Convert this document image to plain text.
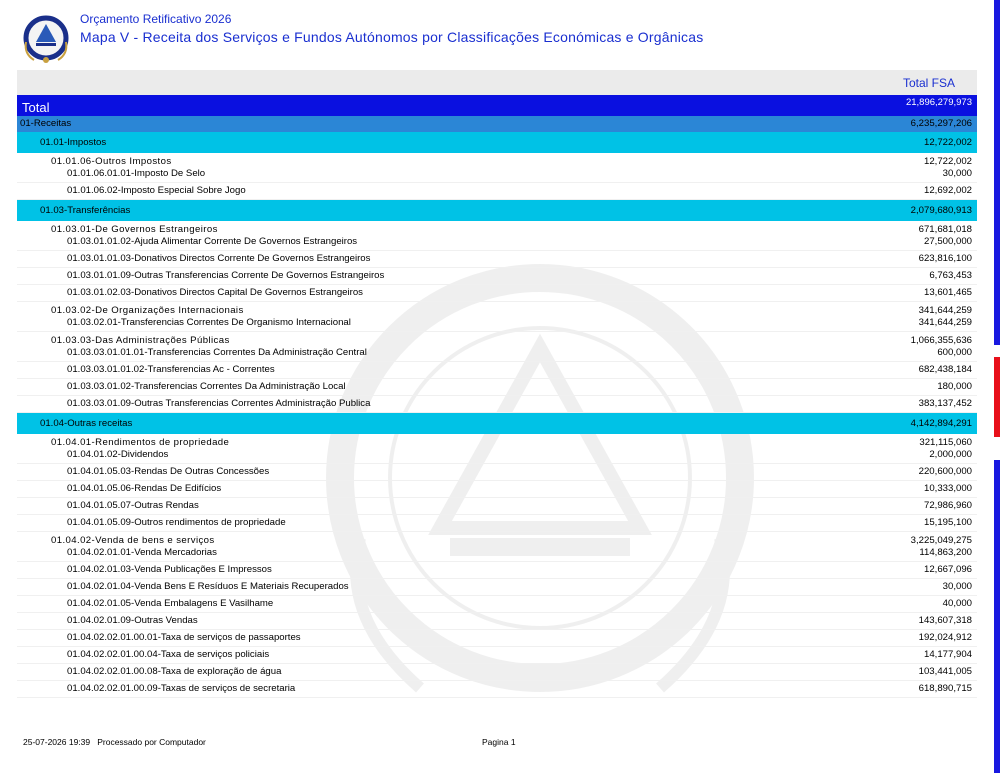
Orçamento Retificativo 2026
Mapa V - Receita dos Serviços e Fundos Autónomos por Classificações Económicas e Orgânicas
Total FSA
Total	21,896,279,973
01-Receitas	6,235,297,206
01.01-Impostos	12,722,002
01.01.06-Outros Impostos	12,722,002
01.01.06.01.01-Imposto De Selo	30,000
01.01.06.02-Imposto Especial Sobre Jogo	12,692,002
01.03-Transferências	2,079,680,913
01.03.01-De Governos Estrangeiros	671,681,018
01.03.01.01.02-Ajuda Alimentar Corrente De Governos Estrangeiros	27,500,000
01.03.01.01.03-Donativos Directos Corrente De Governos Estrangeiros	623,816,100
01.03.01.01.09-Outras Transferencias Corrente De Governos Estrangeiros	6,763,453
01.03.01.02.03-Donativos Directos Capital De Governos Estrangeiros	13,601,465
01.03.02-De Organizações Internacionais	341,644,259
01.03.02.01-Transferencias Correntes De Organismo Internacional	341,644,259
01.03.03-Das Administrações Públicas	1,066,355,636
01.03.03.01.01.01-Transferencias Correntes Da Administração Central	600,000
01.03.03.01.01.02-Transferencias Ac - Correntes	682,438,184
01.03.03.01.02-Transferencias Correntes Da Administração Local	180,000
01.03.03.01.09-Outras Transferencias Correntes Administração Publica	383,137,452
01.04-Outras receitas	4,142,894,291
01.04.01-Rendimentos de propriedade	321,115,060
01.04.01.02-Dividendos	2,000,000
01.04.01.05.03-Rendas De Outras Concessões	220,600,000
01.04.01.05.06-Rendas De Edifícios	10,333,000
01.04.01.05.07-Outras Rendas	72,986,960
01.04.01.05.09-Outros rendimentos de propriedade	15,195,100
01.04.02-Venda de bens e serviços	3,225,049,275
01.04.02.01.01-Venda Mercadorias	114,863,200
01.04.02.01.03-Venda Publicações E Impressos	12,667,096
01.04.02.01.04-Venda Bens E Resíduos E Materiais Recuperados	30,000
01.04.02.01.05-Venda Embalagens E Vasilhame	40,000
01.04.02.01.09-Outras Vendas	143,607,318
01.04.02.02.01.00.01-Taxa de serviços de passaportes	192,024,912
01.04.02.02.01.00.04-Taxa de serviços policiais	14,177,904
01.04.02.02.01.00.08-Taxa de exploração de água	103,441,005
01.04.02.02.01.00.09-Taxas de serviços de secretaria	618,890,715
25-07-2026 19:39 Processado por Computador	Pagina 1
